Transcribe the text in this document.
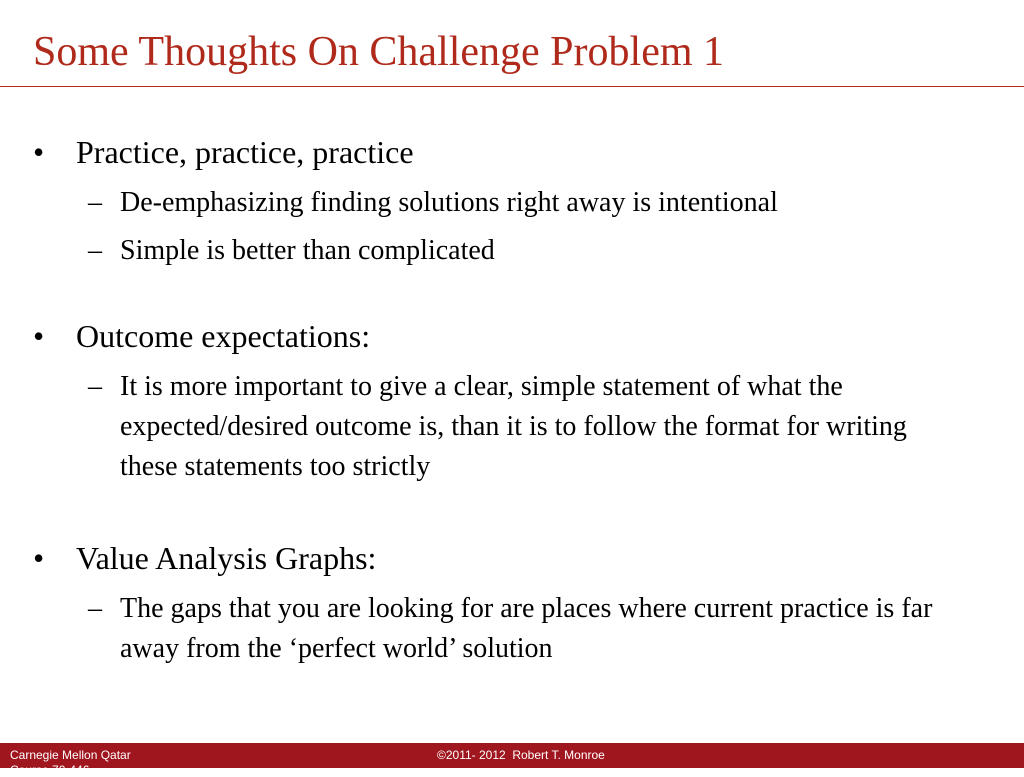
Some Thoughts On Challenge Problem 1
• Practice, practice, practice
– De-emphasizing finding solutions right away is intentional
– Simple is better than complicated
• Outcome expectations:
– It is more important to give a clear, simple statement of what the expected/desired outcome is, than it is to follow the format for writing these statements too strictly
• Value Analysis Graphs:
– The gaps that you are looking for are places where current practice is far away from the ‘perfect world’ solution
Carnegie Mellon Qatar
Course 70-446
©2011- 2012  Robert T. Monroe
